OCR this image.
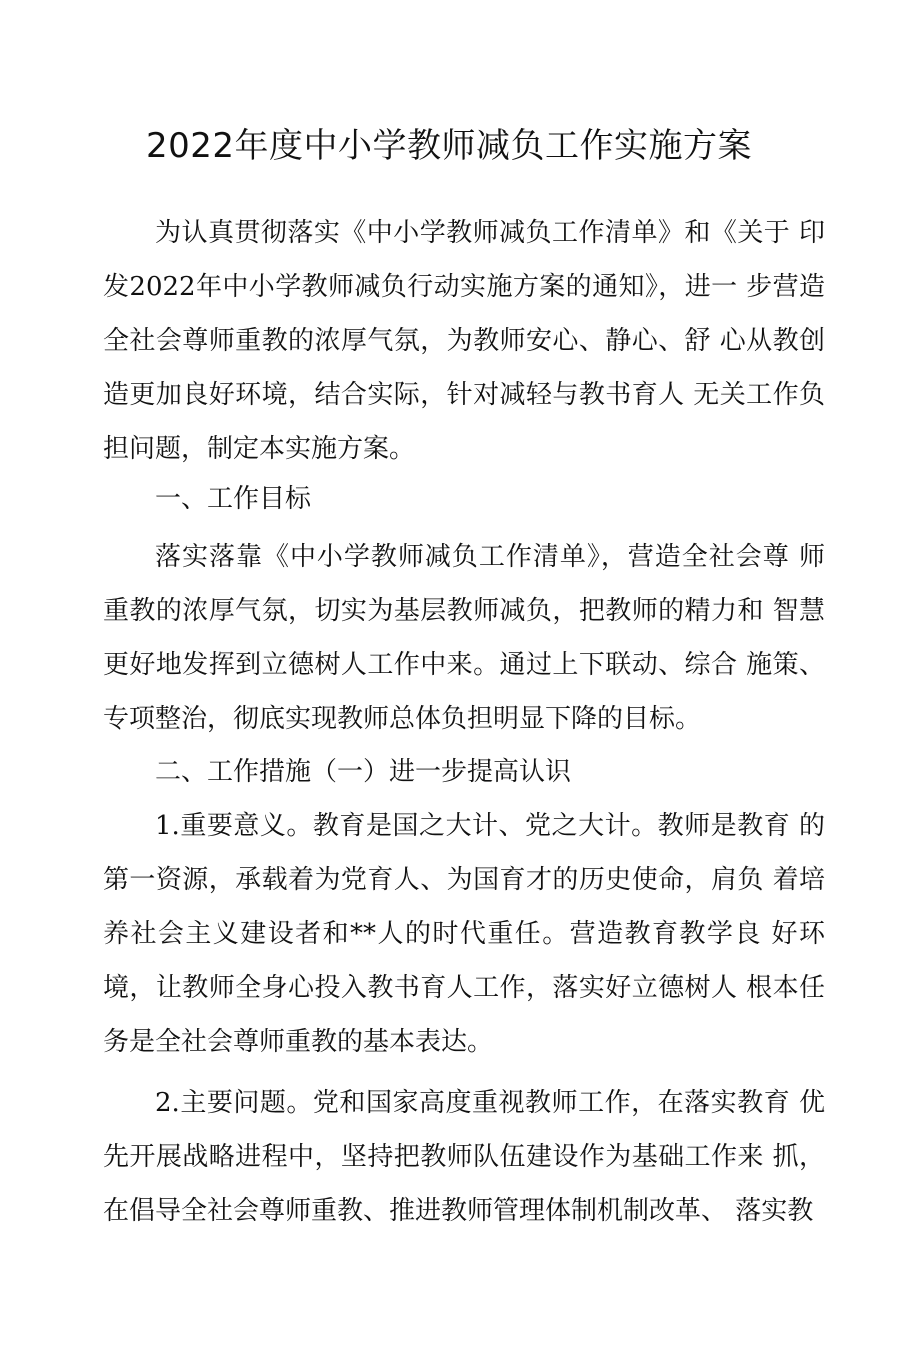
2022年度中小学教师减负工作实施方案

为认真贯彻落实《中小学教师减负工作清单》和《关于 印发2022年中小学教师减负行动实施方案的通知》，进一 步营造全社会尊师重教的浓厚气氛，为教师安心、静心、舒 心从教创造更加良好环境，结合实际，针对减轻与教书育人 无关工作负担问题，制定本实施方案。

一、工作目标

落实落靠《中小学教师减负工作清单》，营造全社会尊 师重教的浓厚气氛，切实为基层教师减负，把教师的精力和 智慧更好地发挥到立德树人工作中来。通过上下联动、综合 施策、专项整治，彻底实现教师总体负担明显下降的目标。

二、工作措施（一）进一步提高认识

1.重要意义。教育是国之大计、党之大计。教师是教育 的第一资源，承载着为党育人、为国育才的历史使命，肩负 着培养社会主义建设者和**人的时代重任。营造教育教学良 好环境，让教师全身心投入教书育人工作，落实好立德树人 根本任务是全社会尊师重教的基本表达。

2.主要问题。党和国家高度重视教师工作，在落实教育 优先开展战略进程中，坚持把教师队伍建设作为基础工作来 抓，在倡导全社会尊师重教、推进教师管理体制机制改革、 落实教
